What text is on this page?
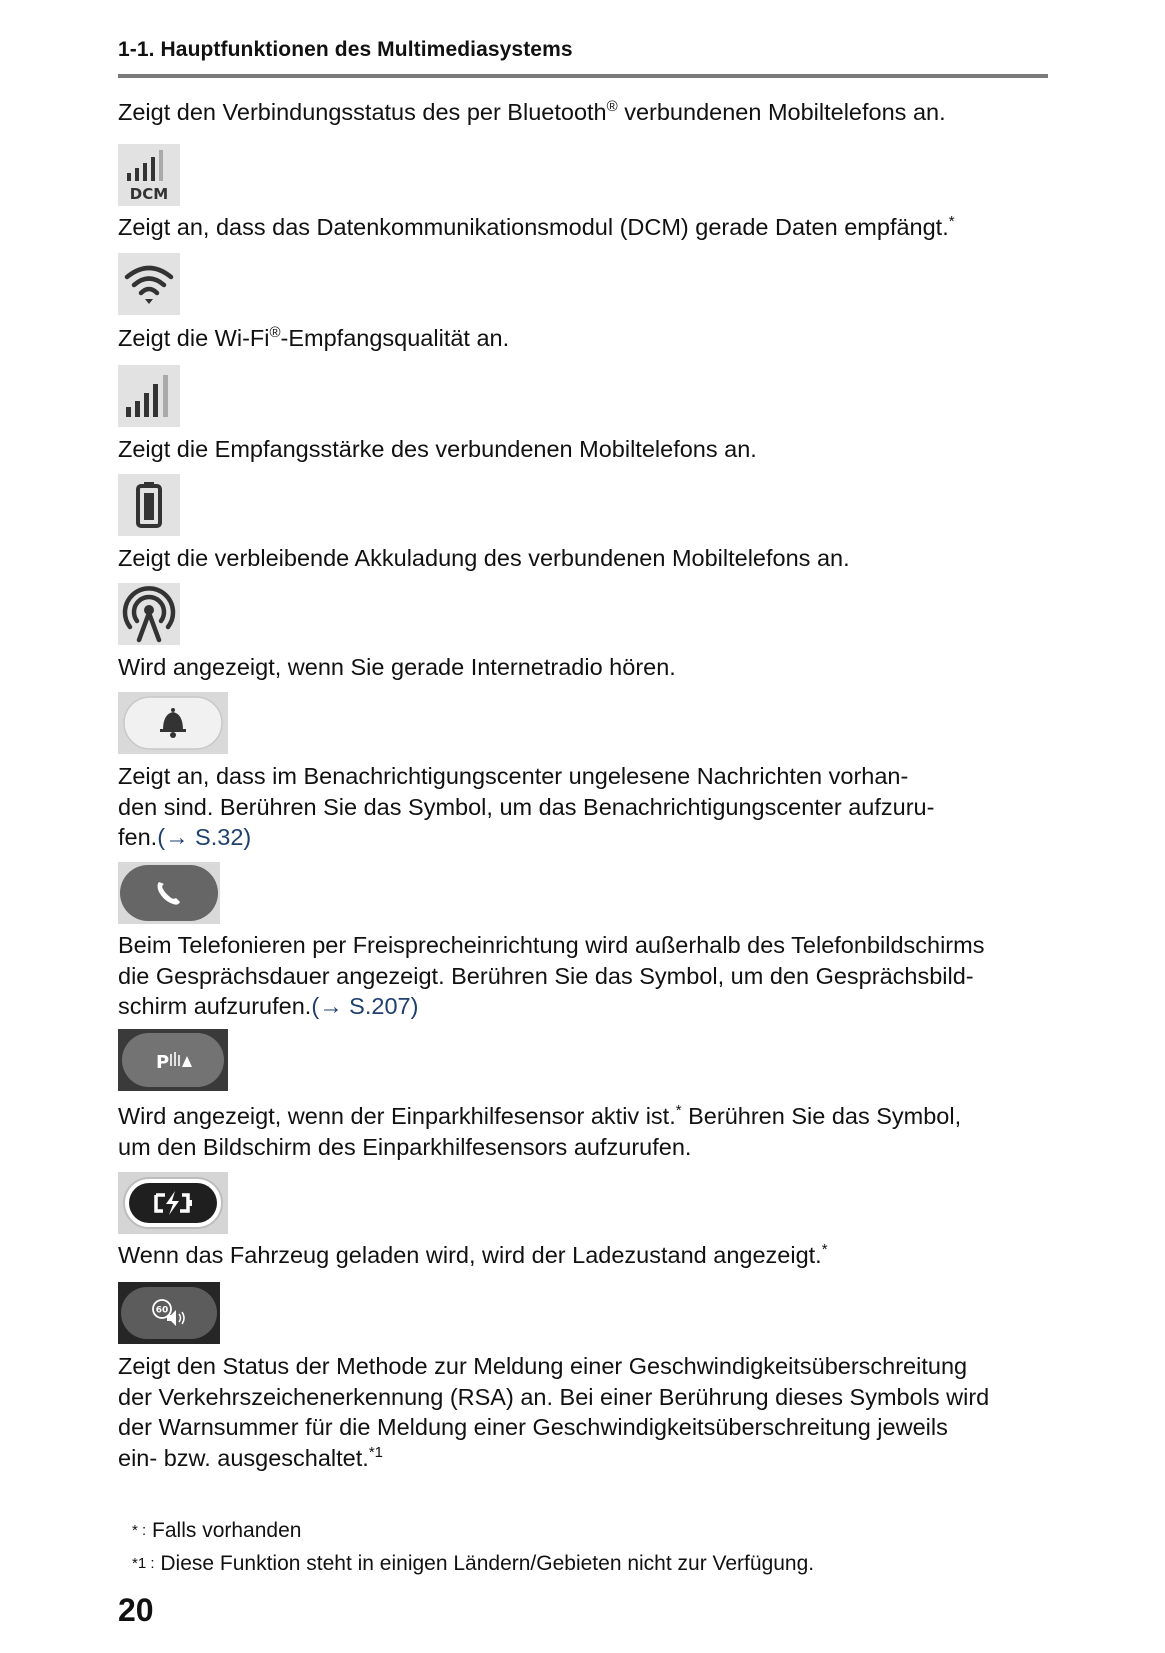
1-1. Hauptfunktionen des Multimediasystems
Zeigt den Verbindungsstatus des per Bluetooth® verbundenen Mobiltelefons an.
DCM
Zeigt an, dass das Datenkommunikationsmodul (DCM) gerade Daten empfängt.*
Zeigt die Wi-Fi®-Empfangsqualität an.
Zeigt die Empfangsstärke des verbundenen Mobiltelefons an.
Zeigt die verbleibende Akkuladung des verbundenen Mobiltelefons an.
Wird angezeigt, wenn Sie gerade Internetradio hören.
Zeigt an, dass im Benachrichtigungscenter ungelesene Nachrichten vorhan-
den sind. Berühren Sie das Symbol, um das Benachrichtigungscenter aufzuru-
fen.(→ S.32)
Beim Telefonieren per Freisprecheinrichtung wird außerhalb des Telefonbildschirms
die Gesprächsdauer angezeigt. Berühren Sie das Symbol, um den Gesprächsbild-
schirm aufzurufen.(→ S.207)
P
Wird angezeigt, wenn der Einparkhilfesensor aktiv ist.* Berühren Sie das Symbol,
um den Bildschirm des Einparkhilfesensors aufzurufen.
Wenn das Fahrzeug geladen wird, wird der Ladezustand angezeigt.*
60
Zeigt den Status der Methode zur Meldung einer Geschwindigkeitsüberschreitung
der Verkehrszeichenerkennung (RSA) an. Bei einer Berührung dieses Symbols wird
der Warnsummer für die Meldung einer Geschwindigkeitsüberschreitung jeweils
ein- bzw. ausgeschaltet.$^{*1}$
* : Falls vorhanden
*1 : Diese Funktion steht in einigen Ländern/Gebieten nicht zur Verfügung.
20
